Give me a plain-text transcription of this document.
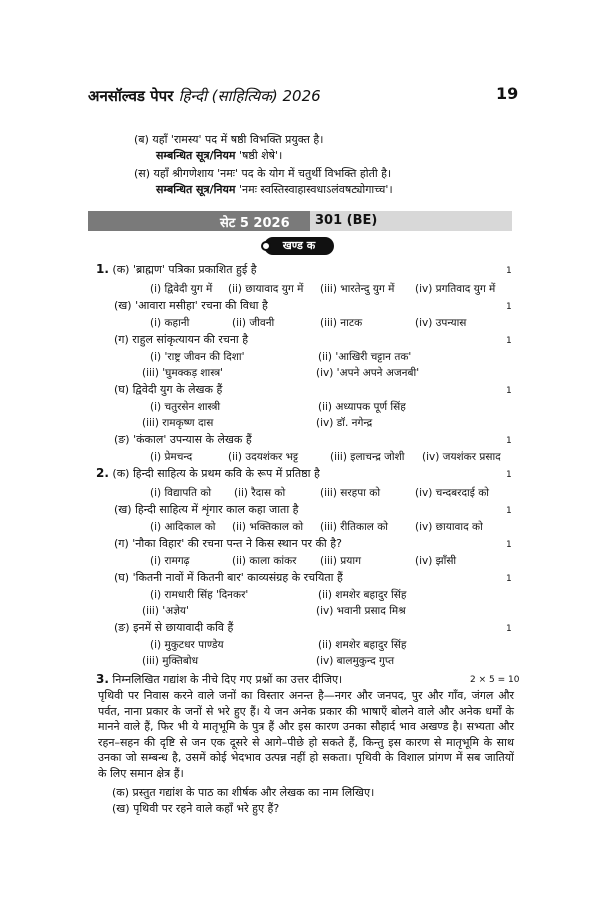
अनसॉल्वड पेपर हिन्दी (साहित्यिक) 2026	19
(ब) यहाँ 'रामस्य' पद में षष्ठी विभक्ति प्रयुक्त है।
सम्बन्धित सूत्र/नियम 'षष्ठी शेषे'।
(स) यहाँ श्रीगणेशाय 'नमः' पद के योग में चतुर्थी विभक्ति होती है।
सम्बन्धित सूत्र/नियम 'नमः स्वस्तिस्वाहास्वधाऽलंवषट्योगाच्च'।
सेट 5 2026 301 (BE)
खण्ड क
1. (क) 'ब्राह्मण' पत्रिका प्रकाशित हुई है	1
(i) द्विवेदी युग में (ii) छायावाद युग में (iii) भारतेन्दु युग में (iv) प्रगतिवाद युग में
(ख) 'आवारा मसीहा' रचना की विधा है	1
(i) कहानी	(ii) जीवनी	(iii) नाटक	(iv) उपन्यास
(ग) राहुल सांकृत्यायन की रचना है	1
(i) 'राष्ट्र जीवन की दिशा'	(ii) 'आखिरी चट्टान तक'
(iii) 'घुमक्कड़ शास्त्र'	(iv) 'अपने अपने अजनबी'
(घ) द्विवेदी युग के लेखक हैं	1
(i) चतुरसेन शास्त्री	(ii) अध्यापक पूर्ण सिंह
(iii) रामकृष्ण दास	(iv) डॉ. नगेन्द्र
(ङ) 'कंकाल' उपन्यास के लेखक हैं	1
(i) प्रेमचन्द	(ii) उदयशंकर भट्ट	(iii) इलाचन्द्र जोशी (iv) जयशंकर प्रसाद
2. (क) हिन्दी साहित्य के प्रथम कवि के रूप में प्रतिष्ठा है	1
(i) विद्यापति को (ii) रैदास को	(iii) सरहपा को	(iv) चन्दबरदाई को
(ख) हिन्दी साहित्य में शृंगार काल कहा जाता है	1
(i) आदिकाल को (ii) भक्तिकाल को (iii) रीतिकाल को	(iv) छायावाद को
(ग) 'नौका विहार' की रचना पन्त ने किस स्थान पर की है?	1
(i) रामगढ़	(ii) काला कांकर (iii) प्रयाग	(iv) झाँसी
(घ) 'कितनी नावों में कितनी बार' काव्यसंग्रह के रचयिता हैं	1
(i) रामधारी सिंह 'दिनकर'	(ii) शमशेर बहादुर सिंह
(iii) 'अज्ञेय'	(iv) भवानी प्रसाद मिश्र
(ङ) इनमें से छायावादी कवि हैं	1
(i) मुकुटधर पाण्डेय	(ii) शमशेर बहादुर सिंह
(iii) मुक्तिबोध	(iv) बालमुकुन्द गुप्त
3. निम्नलिखित गद्यांश के नीचे दिए गए प्रश्नों का उत्तर दीजिए।	2 × 5 = 10
पृथिवी पर निवास करने वाले जनों का विस्तार अनन्त है—नगर और जनपद, पुर और गाँव, जंगल और पर्वत, नाना प्रकार के जनों से भरे हुए हैं। ये जन अनेक प्रकार की भाषाएँ बोलने वाले और अनेक धर्मों के मानने वाले हैं, फिर भी ये मातृभूमि के पुत्र हैं और इस कारण उनका सौहार्द भाव अखण्ड है। सभ्यता और रहन–सहन की दृष्टि से जन एक दूसरे से आगे–पीछे हो सकते हैं, किन्तु इस कारण से मातृभूमि के साथ उनका जो सम्बन्ध है, उसमें कोई भेदभाव उत्पन्न नहीं हो सकता। पृथिवी के विशाल प्रांगण में सब जातियों के लिए समान क्षेत्र हैं।
(क) प्रस्तुत गद्यांश के पाठ का शीर्षक और लेखक का नाम लिखिए।
(ख) पृथिवी पर रहने वाले कहाँ भरे हुए हैं?
